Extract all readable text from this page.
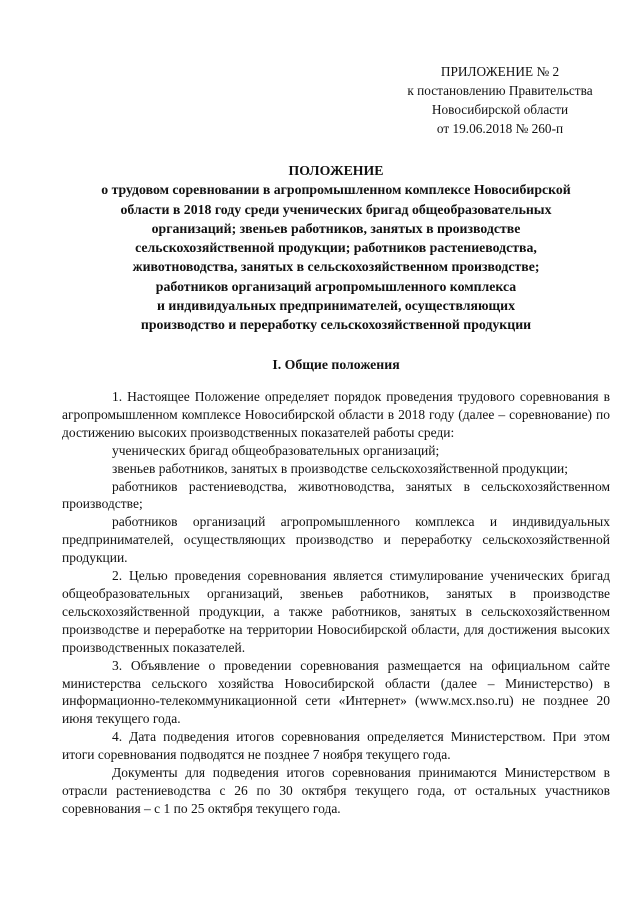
ПРИЛОЖЕНИЕ № 2
к постановлению Правительства
Новосибирской области
от 19.06.2018 № 260-п
ПОЛОЖЕНИЕ
о трудовом соревновании в агропромышленном комплексе Новосибирской
области в 2018 году среди ученических бригад общеобразовательных
организаций; звеньев работников, занятых в производстве
сельскохозяйственной продукции; работников растениеводства,
животноводства, занятых в сельскохозяйственном производстве;
работников организаций агропромышленного комплекса
и индивидуальных предпринимателей, осуществляющих
производство и переработку сельскохозяйственной продукции
I. Общие положения

1. Настоящее Положение определяет порядок проведения трудового соревнования в агропромышленном комплексе Новосибирской области в 2018 году (далее – соревнование) по достижению высоких производственных показателей работы среди:

ученических бригад общеобразовательных организаций;

звеньев работников, занятых в производстве сельскохозяйственной продукции;

работников растениеводства, животноводства, занятых в сельскохозяйственном производстве;

работников организаций агропромышленного комплекса и индивидуальных предпринимателей, осуществляющих производство и переработку сельскохозяйственной продукции.

2. Целью проведения соревнования является стимулирование ученических бригад общеобразовательных организаций, звеньев работников, занятых в производстве сельскохозяйственной продукции, а также работников, занятых в сельскохозяйственном производстве и переработке на территории Новосибирской области, для достижения высоких производственных показателей.

3. Объявление о проведении соревнования размещается на официальном сайте министерства сельского хозяйства Новосибирской области (далее – Министерство) в информационно-телекоммуникационной сети «Интернет» (www.мсх.nso.ru) не позднее 20 июня текущего года.

4. Дата подведения итогов соревнования определяется Министерством. При этом итоги соревнования подводятся не позднее 7 ноября текущего года.

Документы для подведения итогов соревнования принимаются Министерством в отрасли растениеводства с 26 по 30 октября текущего года, от остальных участников соревнования – с 1 по 25 октября текущего года.
